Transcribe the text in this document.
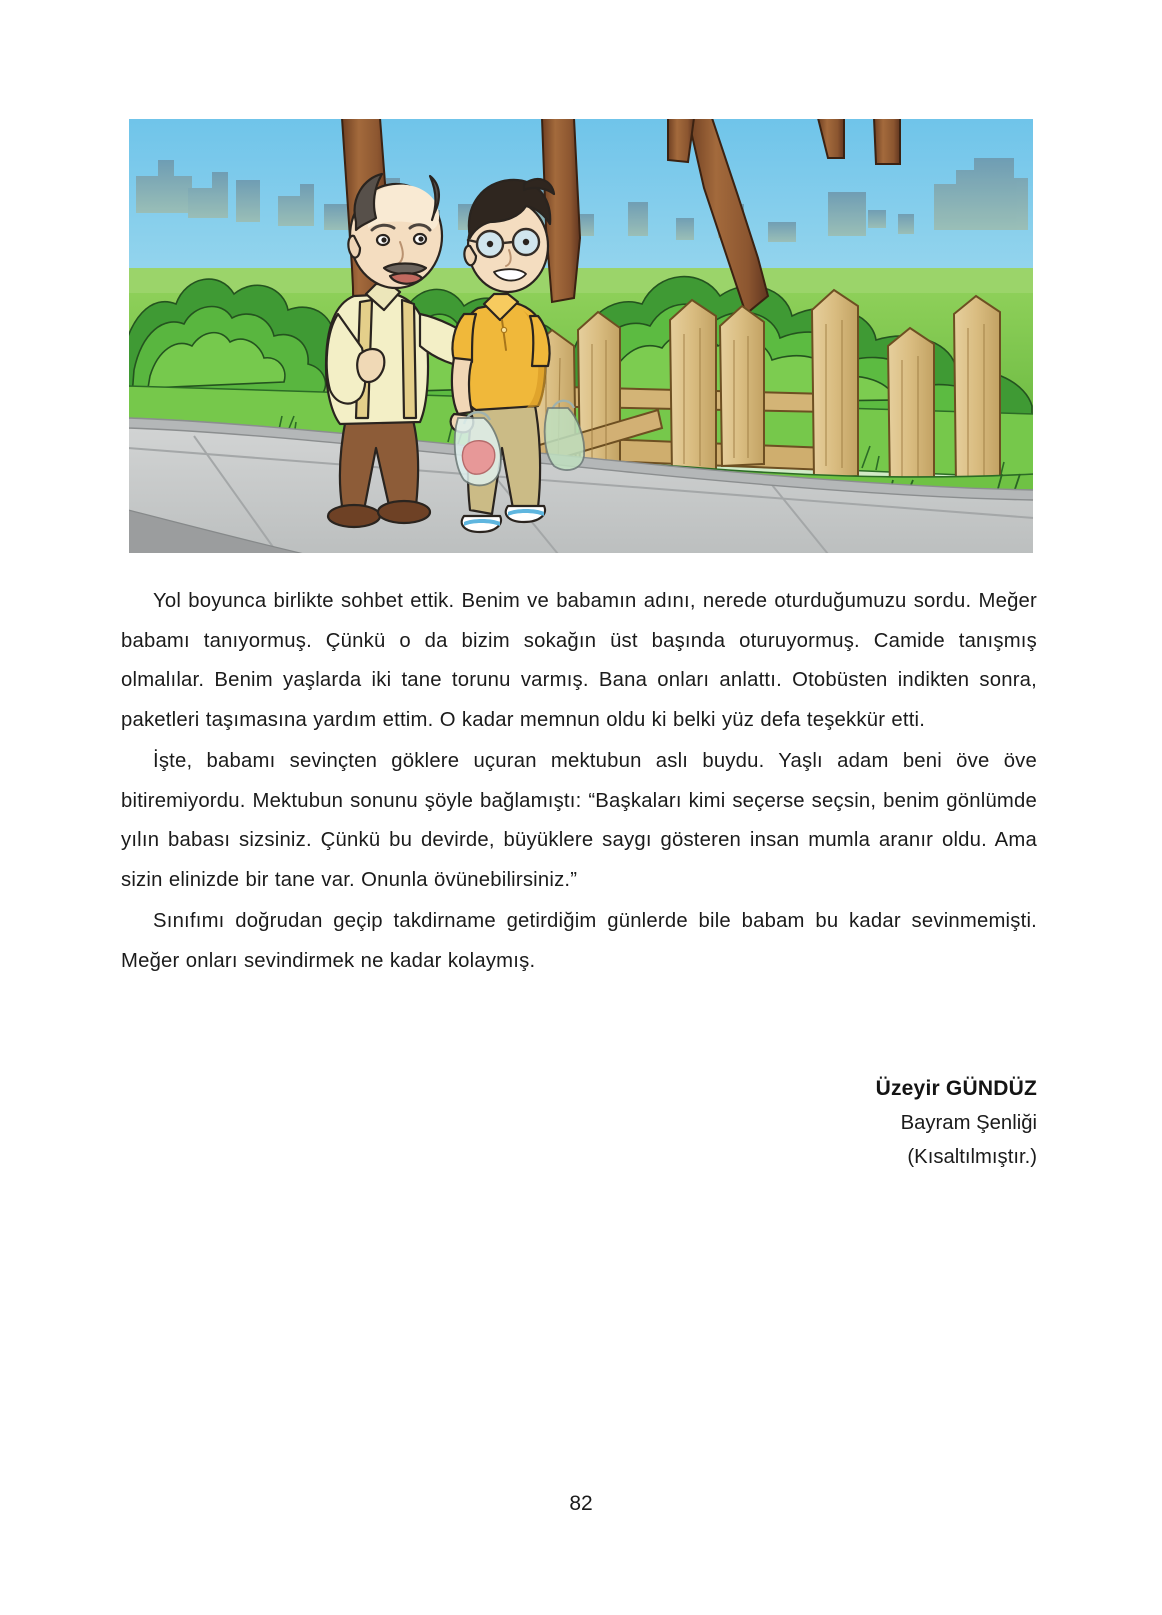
Yol boyunca birlikte sohbet ettik. Benim ve babamın adını, nerede oturduğumuzu sordu. Meğer babamı tanıyormuş. Çünkü o da bizim sokağın üst başında oturuyormuş. Camide tanışmış olmalılar. Benim yaşlarda iki tane torunu varmış. Bana onları anlattı. Otobüsten indikten sonra, paketleri taşımasına yardım ettim. O kadar memnun oldu ki belki yüz defa teşekkür etti.

İşte, babamı sevinçten göklere uçuran mektubun aslı buydu. Yaşlı adam beni öve öve bitiremiyordu. Mektubun sonunu şöyle bağlamıştı: “Başkaları kimi seçerse seçsin, benim gönlümde yılın babası sizsiniz. Çünkü bu devirde, büyüklere saygı gösteren insan mumla aranır oldu. Ama sizin elinizde bir tane var. Onunla övünebilirsiniz.”

Sınıfımı doğrudan geçip takdirname getirdiğim günlerde bile babam bu kadar sevinmemişti. Meğer onları sevindirmek ne kadar kolaymış.

Üzeyir GÜNDÜZ
Bayram Şenliği
(Kısaltılmıştır.)
82
